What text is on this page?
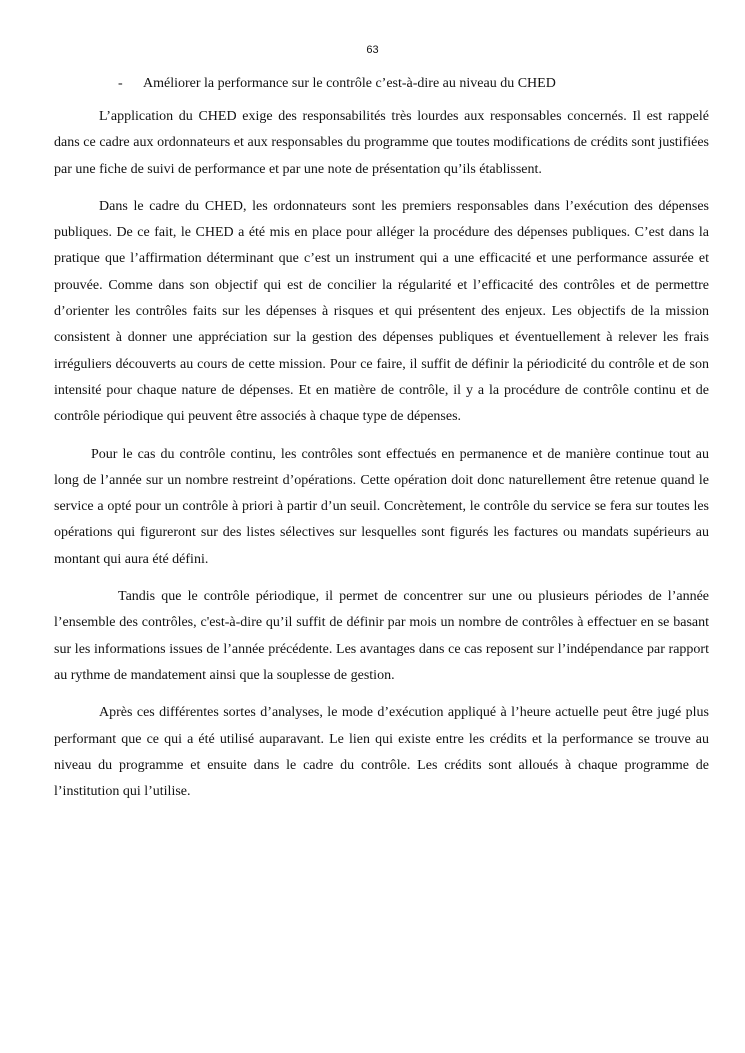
63
- Améliorer la performance sur le contrôle c’est-à-dire au niveau du CHED

L’application du CHED exige des responsabilités très lourdes aux responsables concernés. Il est rappelé dans ce cadre aux ordonnateurs et aux responsables du programme que toutes modifications de crédits sont justifiées par une fiche de suivi de performance et par une note de présentation qu’ils établissent.

Dans le cadre du CHED, les ordonnateurs sont les premiers responsables dans l’exécution des dépenses publiques. De ce fait, le CHED a été mis en place pour alléger la procédure des dépenses publiques. C’est dans la pratique que l’affirmation déterminant que c’est un instrument qui a une efficacité et une performance assurée et prouvée. Comme dans son objectif qui est de concilier la régularité et l’efficacité des contrôles et de permettre d’orienter les contrôles faits sur les dépenses à risques et qui présentent des enjeux. Les objectifs de la mission consistent à donner une appréciation sur la gestion des dépenses publiques et éventuellement à relever les frais irréguliers découverts au cours de cette mission. Pour ce faire, il suffit de définir la périodicité du contrôle et de son intensité pour chaque nature de dépenses. Et en matière de contrôle, il y a la procédure de contrôle continu et de contrôle périodique qui peuvent être associés à chaque type de dépenses.

Pour le cas du contrôle continu, les contrôles sont effectués en permanence et de manière continue tout au long de l’année sur un nombre restreint d’opérations. Cette opération doit donc naturellement être retenue quand le service a opté pour un contrôle à priori à partir d’un seuil. Concrètement, le contrôle du service se fera sur toutes les opérations qui figureront sur des listes sélectives sur lesquelles sont figurés les factures ou mandats supérieurs au montant qui aura été défini.

Tandis que le contrôle périodique, il permet de concentrer sur une ou plusieurs périodes de l’année l’ensemble des contrôles, c'est-à-dire qu’il suffit de définir par mois un nombre de contrôles à effectuer en se basant sur les informations issues de l’année précédente. Les avantages dans ce cas reposent sur l’indépendance par rapport au rythme de mandatement ainsi que la souplesse de gestion.

Après ces différentes sortes d’analyses, le mode d’exécution appliqué à l’heure actuelle peut être jugé plus performant que ce qui a été utilisé auparavant. Le lien qui existe entre les crédits et la performance se trouve au niveau du programme et ensuite dans le cadre du contrôle. Les crédits sont alloués à chaque programme de l’institution qui l’utilise.
